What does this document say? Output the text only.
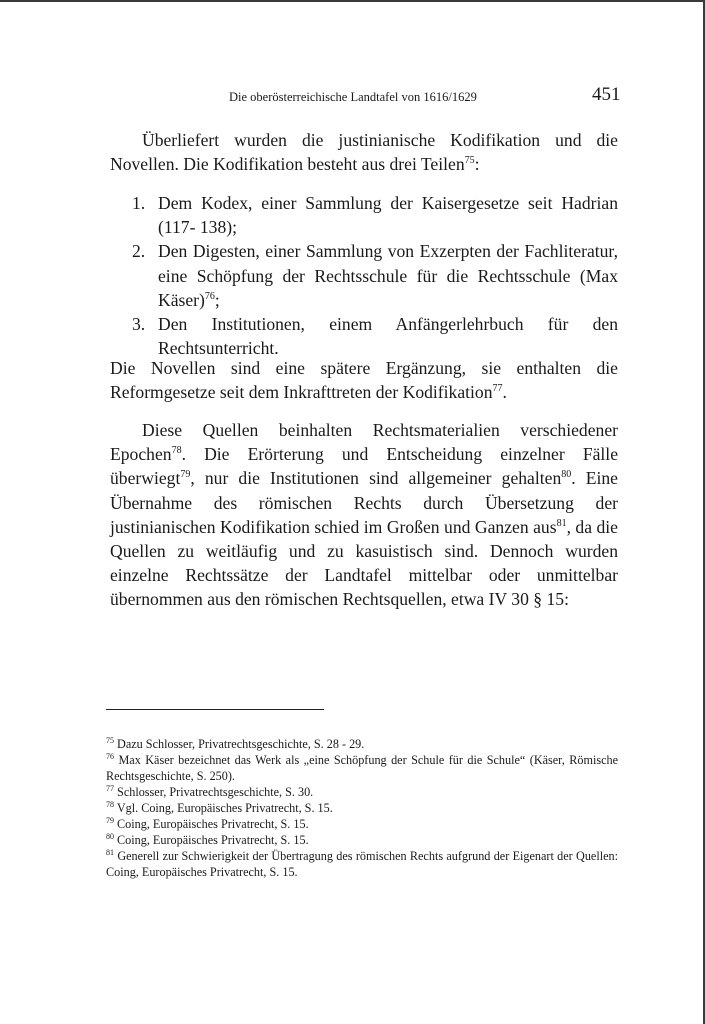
Die oberösterreichische Landtafel von 1616/1629	451

Überliefert wurden die justinianische Kodifikation und die Novellen. Die Kodifikation besteht aus drei Teilen$^{75}$:

1. Dem Kodex, einer Sammlung der Kaisergesetze seit Hadrian (117- 138);
2. Den Digesten, einer Sammlung von Exzerpten der Fachliteratur, eine Schöpfung der Rechtsschule für die Rechtsschule (Max Käser)$^{76}$;
3. Den Institutionen, einem Anfängerlehrbuch für den Rechtsunterricht.

Die Novellen sind eine spätere Ergänzung, sie enthalten die Reformgesetze seit dem Inkrafttreten der Kodifikation$^{77}$.

Diese Quellen beinhalten Rechtsmaterialien verschiedener Epochen$^{78}$. Die Erörterung und Entscheidung einzelner Fälle überwiegt$^{79}$, nur die Institutionen sind allgemeiner gehalten$^{80}$. Eine Übernahme des römischen Rechts durch Übersetzung der justinianischen Kodifikation schied im Großen und Ganzen aus$^{81}$, da die Quellen zu weitläufig und zu kasuistisch sind. Dennoch wurden einzelne Rechtssätze der Landtafel mittelbar oder unmittelbar übernommen aus den römischen Rechtsquellen, etwa IV 30 § 15:

$^{75}$ Dazu Schlosser, Privatrechtsgeschichte, S. 28 - 29.

$^{76}$ Max Käser bezeichnet das Werk als „eine Schöpfung der Schule für die Schule“ (Käser, Römische Rechtsgeschichte, S. 250).

$^{77}$ Schlosser, Privatrechtsgeschichte, S. 30.

$^{78}$ Vgl. Coing, Europäisches Privatrecht, S. 15.

$^{79}$ Coing, Europäisches Privatrecht, S. 15.

$^{80}$ Coing, Europäisches Privatrecht, S. 15.

$^{81}$ Generell zur Schwierigkeit der Übertragung des römischen Rechts aufgrund der Eigenart der Quellen: Coing, Europäisches Privatrecht, S. 15.
